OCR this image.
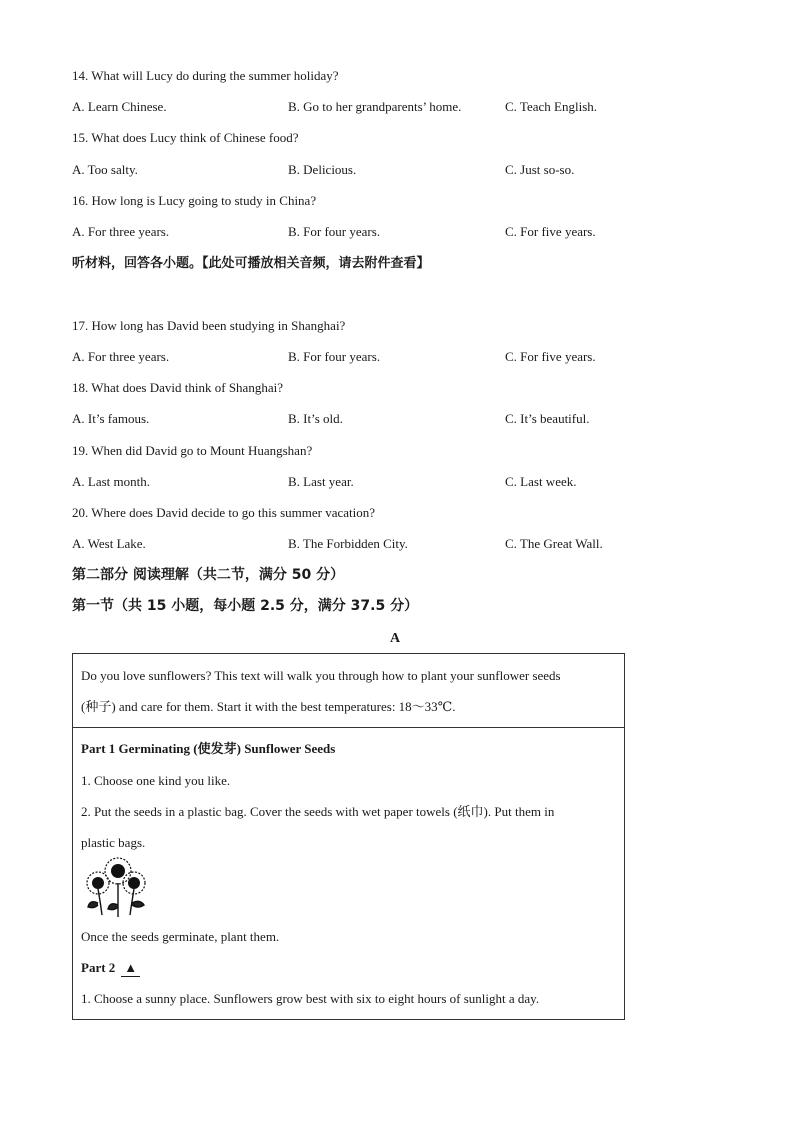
14. What will Lucy do during the summer holiday?
A. Learn Chinese.	B. Go to her grandparents’ home.	C. Teach English.
15. What does Lucy think of Chinese food?
A. Too salty.	B. Delicious.	C. Just so-so.
16. How long is Lucy going to study in China?
A. For three years.	B. For four years.	C. For five years.
听材料，回答各小题。【此处可播放相关音频，请去附件查看】
17. How long has David been studying in Shanghai?
A. For three years.	B. For four years.	C. For five years.
18. What does David think of Shanghai?
A. It’s famous.	B. It’s old.	C. It’s beautiful.
19. When did David go to Mount Huangshan?
A. Last month.	B. Last year.	C. Last week.
20. Where does David decide to go this summer vacation?
A. West Lake.	B. The Forbidden City.	C. The Great Wall.
第二部分 阅读理解（共二节，满分 50 分）
第一节（共 15 小题，每小题 2.5 分，满分 37.5 分）
A
Do you love sunflowers? This text will walk you through how to plant your sunflower seeds
(种子) and care for them. Start it with the best temperatures: 18～33℃.
Part 1 Germinating (使发芽) Sunflower Seeds
1. Choose one kind you like.
2. Put the seeds in a plastic bag. Cover the seeds with wet paper towels (纸巾). Put them in
plastic bags.
Once the seeds germinate, plant them.
Part 2 ▲
1. Choose a sunny place. Sunflowers grow best with six to eight hours of sunlight a day.
